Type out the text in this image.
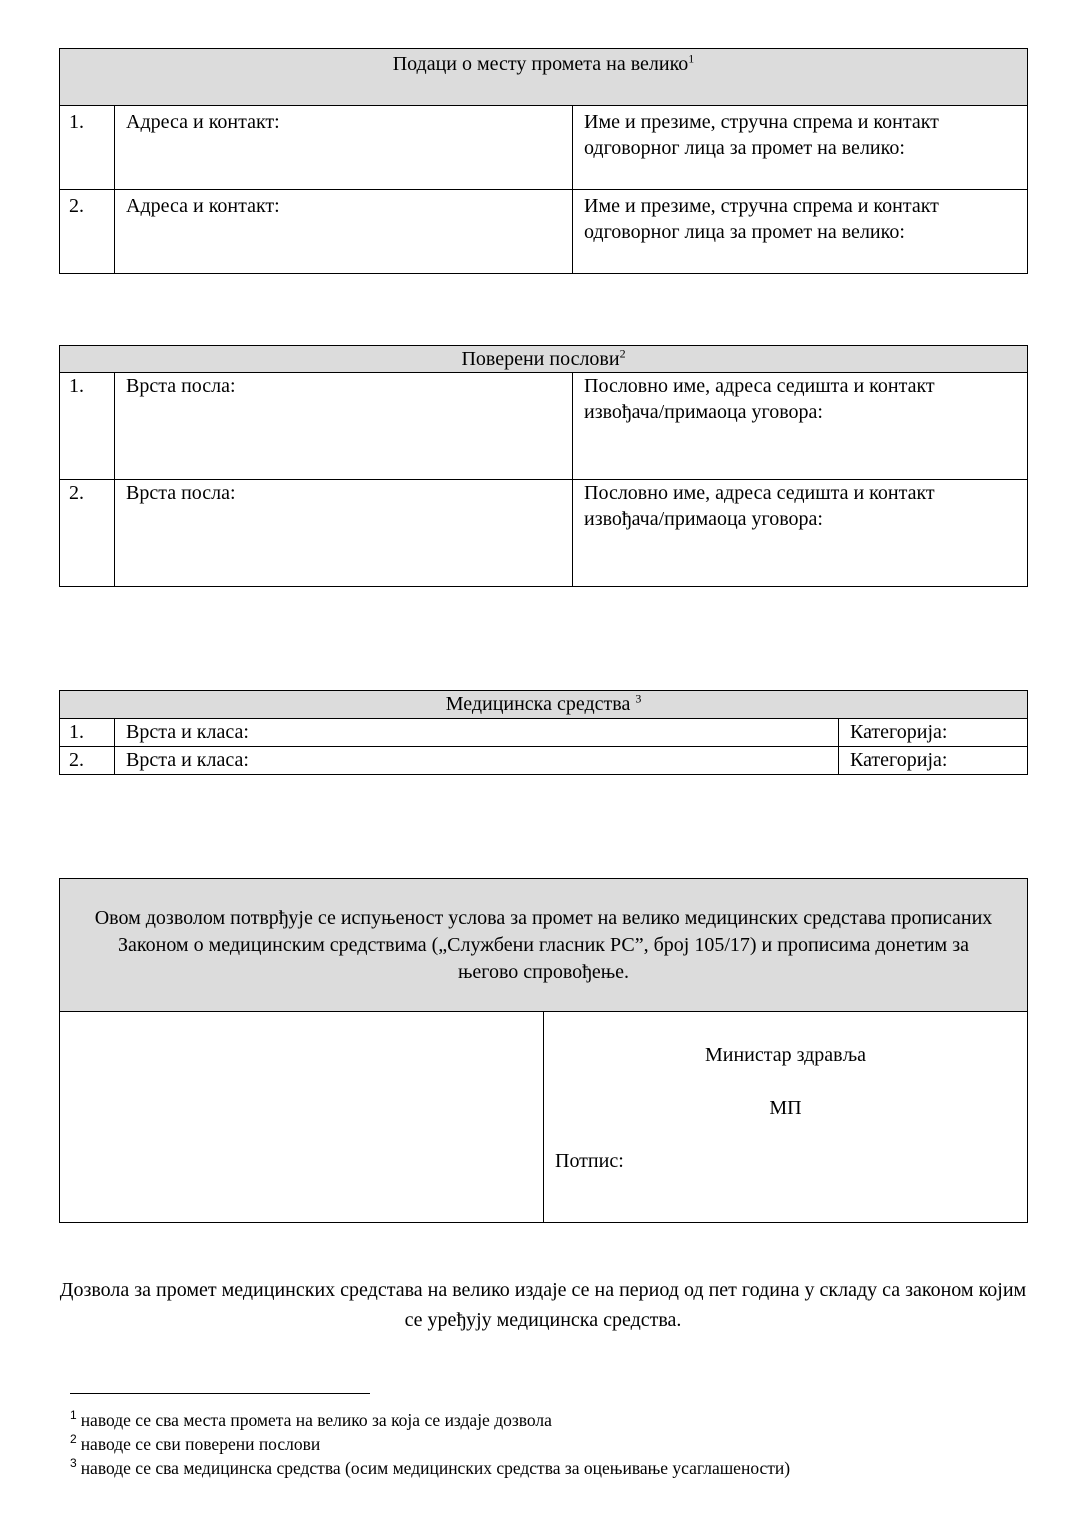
Подаци о месту промета на велико$^1$
1.	Адреса и контакт:	Име и презиме, стручна спрема и контакт одговорног лица за промет на велико:
2.	Адреса и контакт:	Име и презиме, стручна спрема и контакт одговорног лица за промет на велико:
Поверени послови$^2$
1.	Врста посла:	Пословно име, адреса седишта и контакт извођача/примаоца уговора:
2.	Врста посла:	Пословно име, адреса седишта и контакт извођача/примаоца уговора:
Медицинска средства $^3$
1.	Врста и класа:	Категорија:
2.	Врста и класа:	Категорија:
Овом дозволом потврђује се испуњеност услова за промет на велико медицинских средстава прописаних Законом о медицинским средствима („Службени гласник РС”, број 105/17) и прописима донетим за његово спровођење.

Министар здравља
МП
Потпис:
Дозвола за промет медицинских средстава на велико издаје се на период од пет година у складу са законом којим се уређују медицинска средства.
$^1$ наводе се сва места промета на велико за која се издаје дозвола
$^2$ наводе се сви поверени послови
$^3$ наводе се сва медицинска средства (осим медицинских средства за оцењивање усаглашености)
